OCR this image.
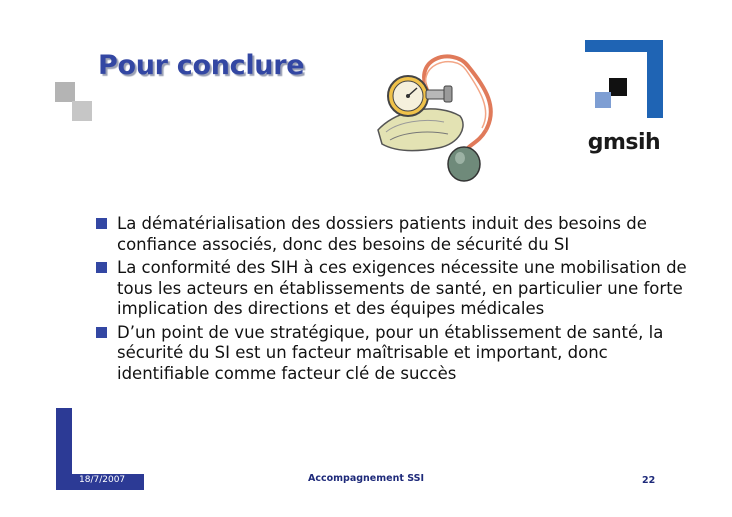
Pour conclure
gmsih
La dématérialisation des dossiers patients induit des besoins de confiance associés, donc des besoins de sécurité du SI
La conformité des SIH à ces exigences nécessite une mobilisation de tous les acteurs en établissements de santé, en particulier une forte implication des directions et des équipes médicales
D’un point de vue stratégique, pour un établissement de santé, la sécurité du SI est un facteur maîtrisable et important, donc identifiable comme facteur clé de succès
18/7/2007	Accompagnement SSI	22
